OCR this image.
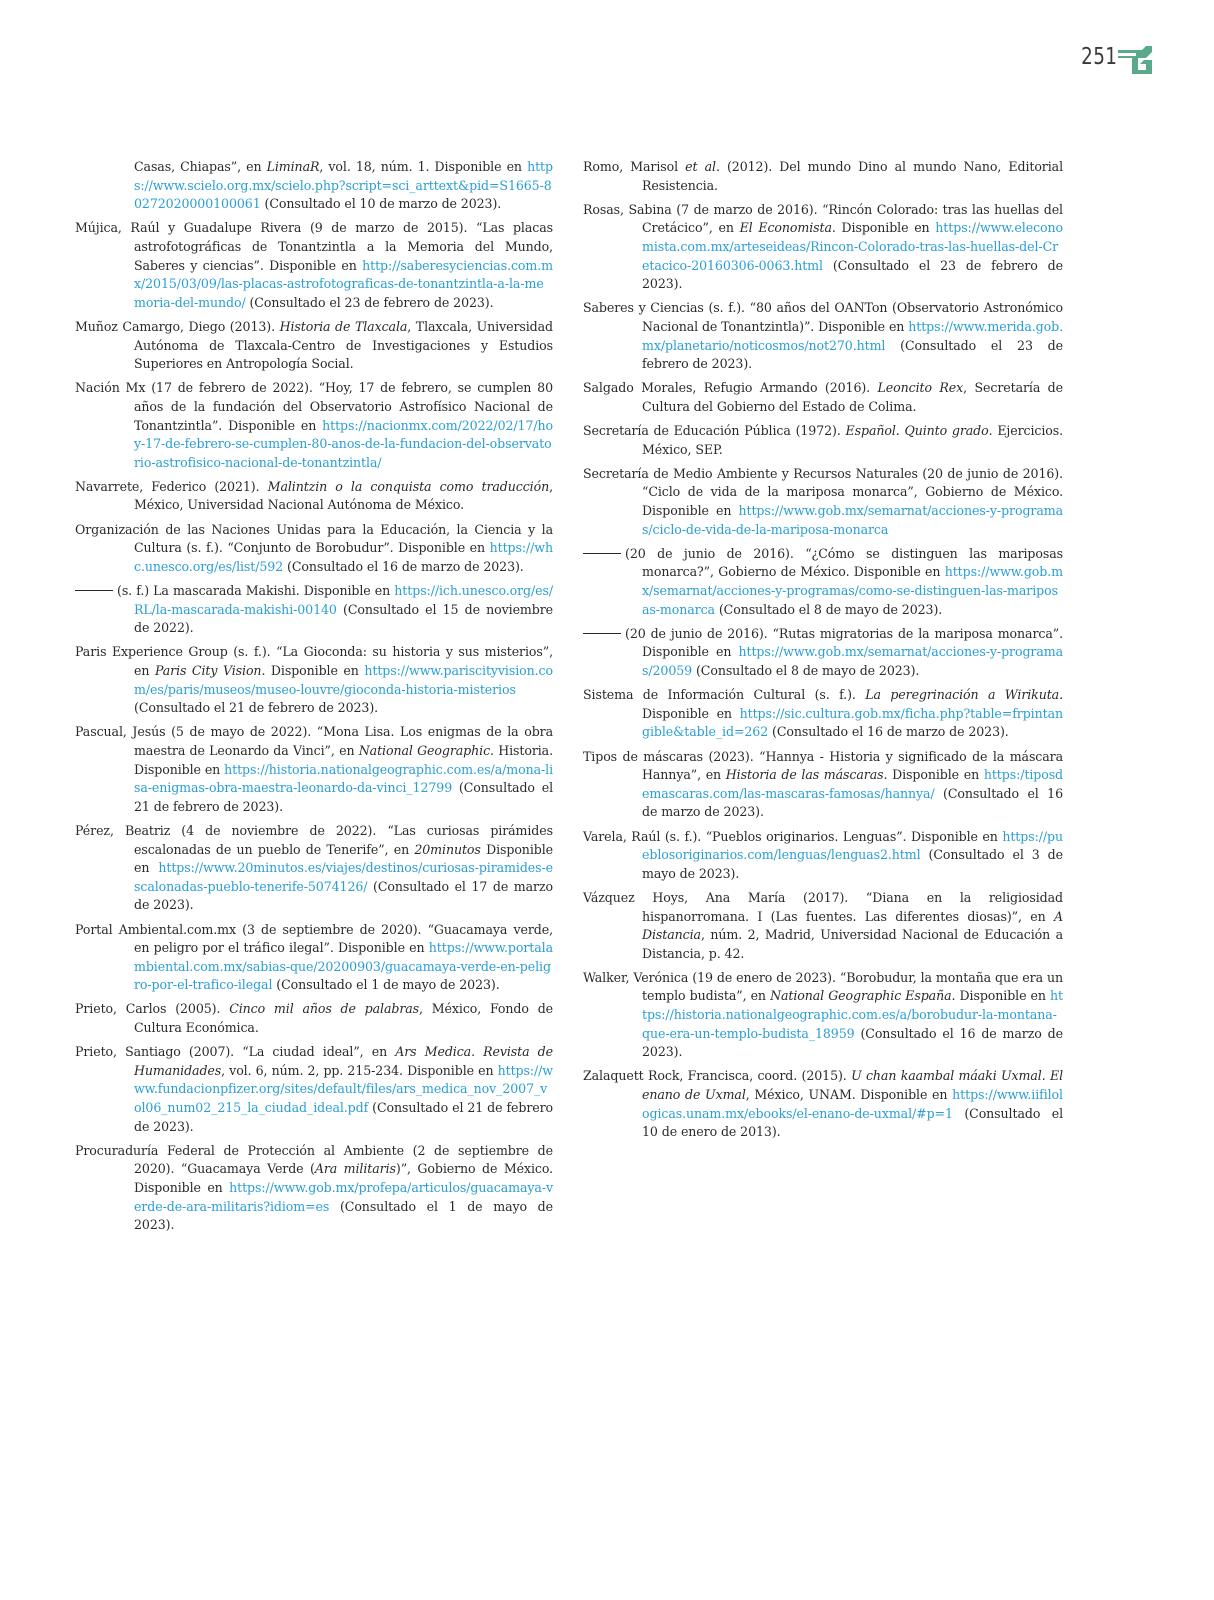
251

Casas, Chiapas”, en LiminaR, vol. 18, núm. 1. Disponible en https://www.scielo.org.mx/scielo.php?script=sci_arttext&pid=S1665-80272020000100061 (Consultado el 10 de marzo de 2023).

Mújica, Raúl y Guadalupe Rivera (9 de marzo de 2015). “Las placas astrofotográficas de Tonantzintla a la Memoria del Mundo, Saberes y ciencias”. Disponible en http://saberesyciencias.com.mx/2015/03/09/las-placas-astrofotograficas-de-tonantzintla-a-la-memoria-del-mundo/ (Consultado el 23 de febrero de 2023).

Muñoz Camargo, Diego (2013). Historia de Tlaxcala, Tlaxcala, Universidad Autónoma de Tlaxcala-Centro de Investigaciones y Estudios Superiores en Antropología Social.

Nación Mx (17 de febrero de 2022). “Hoy, 17 de febrero, se cumplen 80 años de la fundación del Observatorio Astrofísico Nacional de Tonantzintla”. Disponible en https://nacionmx.com/2022/02/17/hoy-17-de-febrero-se-cumplen-80-anos-de-la-fundacion-del-observatorio-astrofisico-nacional-de-tonantzintla/

Navarrete, Federico (2021). Malintzin o la conquista como traducción, México, Universidad Nacional Autónoma de México.

Organización de las Naciones Unidas para la Educación, la Ciencia y la Cultura (s. f.). “Conjunto de Borobudur”. Disponible en https://whc.unesco.org/es/list/592 (Consultado el 16 de marzo de 2023).

(s. f.) La mascarada Makishi. Disponible en https://ich.unesco.org/es/RL/la-mascarada-makishi-00140 (Consultado el 15 de noviembre de 2022).

Paris Experience Group (s. f.). “La Gioconda: su historia y sus misterios”, en Paris City Vision. Disponible en https://www.pariscityvision.com/es/paris/museos/museo-louvre/gioconda-historia-misterios (Consultado el 21 de febrero de 2023).

Pascual, Jesús (5 de mayo de 2022). “Mona Lisa. Los enigmas de la obra maestra de Leonardo da Vinci”, en National Geographic. Historia. Disponible en https://historia.nationalgeographic.com.es/a/mona-lisa-enigmas-obra-maestra-leonardo-da-vinci_12799 (Consultado el 21 de febrero de 2023).

Pérez, Beatriz (4 de noviembre de 2022). “Las curiosas pirámides escalonadas de un pueblo de Tenerife”, en 20minutos Disponible en https://www.20minutos.es/viajes/destinos/curiosas-piramides-escalonadas-pueblo-tenerife-5074126/ (Consultado el 17 de marzo de 2023).

Portal Ambiental.com.mx (3 de septiembre de 2020). “Guacamaya verde, en peligro por el tráfico ilegal”. Disponible en https://www.portalambiental.com.mx/sabias-que/20200903/guacamaya-verde-en-peligro-por-el-trafico-ilegal (Consultado el 1 de mayo de 2023).

Prieto, Carlos (2005). Cinco mil años de palabras, México, Fondo de Cultura Económica.

Prieto, Santiago (2007). “La ciudad ideal”, en Ars Medica. Revista de Humanidades, vol. 6, núm. 2, pp. 215-234. Disponible en https://www.fundacionpfizer.org/sites/default/files/ars_medica_nov_2007_vol06_num02_215_la_ciudad_ideal.pdf (Consultado el 21 de febrero de 2023).

Procuraduría Federal de Protección al Ambiente (2 de septiembre de 2020). “Guacamaya Verde (Ara militaris)”, Gobierno de México. Disponible en https://www.gob.mx/profepa/articulos/guacamaya-verde-de-ara-militaris?idiom=es (Consultado el 1 de mayo de 2023).

Romo, Marisol et al. (2012). Del mundo Dino al mundo Nano, Editorial Resistencia.

Rosas, Sabina (7 de marzo de 2016). “Rincón Colorado: tras las huellas del Cretácico”, en El Economista. Disponible en https://www.eleconomista.com.mx/arteseideas/Rincon-Colorado-tras-las-huellas-del-Cretacico-20160306-0063.html (Consultado el 23 de febrero de 2023).

Saberes y Ciencias (s. f.). “80 años del OANTon (Observatorio Astronómico Nacional de Tonantzintla)”. Disponible en https://www.merida.gob.mx/planetario/noticosmos/not270.html (Consultado el 23 de febrero de 2023).

Salgado Morales, Refugio Armando (2016). Leoncito Rex, Secretaría de Cultura del Gobierno del Estado de Colima.

Secretaría de Educación Pública (1972). Español. Quinto grado. Ejercicios. México, SEP.

Secretaría de Medio Ambiente y Recursos Naturales (20 de junio de 2016). “Ciclo de vida de la mariposa monarca”, Gobierno de México. Disponible en https://www.gob.mx/semarnat/acciones-y-programas/ciclo-de-vida-de-la-mariposa-monarca

(20 de junio de 2016). “¿Cómo se distinguen las mariposas monarca?”, Gobierno de México. Disponible en https://www.gob.mx/semarnat/acciones-y-programas/como-se-distinguen-las-mariposas-monarca (Consultado el 8 de mayo de 2023).

(20 de junio de 2016). “Rutas migratorias de la mariposa monarca”. Disponible en https://www.gob.mx/semarnat/acciones-y-programas/20059 (Consultado el 8 de mayo de 2023).

Sistema de Información Cultural (s. f.). La peregrinación a Wirikuta. Disponible en https://sic.cultura.gob.mx/ficha.php?table=frpintangible&table_id=262 (Consultado el 16 de marzo de 2023).

Tipos de máscaras (2023). “Hannya - Historia y significado de la máscara Hannya”, en Historia de las máscaras. Disponible en https:/tiposdemascaras.com/las-mascaras-famosas/hannya/ (Consultado el 16 de marzo de 2023).

Varela, Raúl (s. f.). “Pueblos originarios. Lenguas”. Disponible en https://pueblosoriginarios.com/lenguas/lenguas2.html (Consultado el 3 de mayo de 2023).

Vázquez Hoys, Ana María (2017). “Diana en la religiosidad hispanorromana. I (Las fuentes. Las diferentes diosas)”, en A Distancia, núm. 2, Madrid, Universidad Nacional de Educación a Distancia, p. 42.

Walker, Verónica (19 de enero de 2023). “Borobudur, la montaña que era un templo budista”, en National Geographic España. Disponible en https://historia.nationalgeographic.com.es/a/borobudur-la-montana-que-era-un-templo-budista_18959 (Consultado el 16 de marzo de 2023).

Zalaquett Rock, Francisca, coord. (2015). U chan kaambal máaki Uxmal. El enano de Uxmal, México, UNAM. Disponible en https://www.iifilologicas.unam.mx/ebooks/el-enano-de-uxmal/#p=1 (Consultado el 10 de enero de 2013).
